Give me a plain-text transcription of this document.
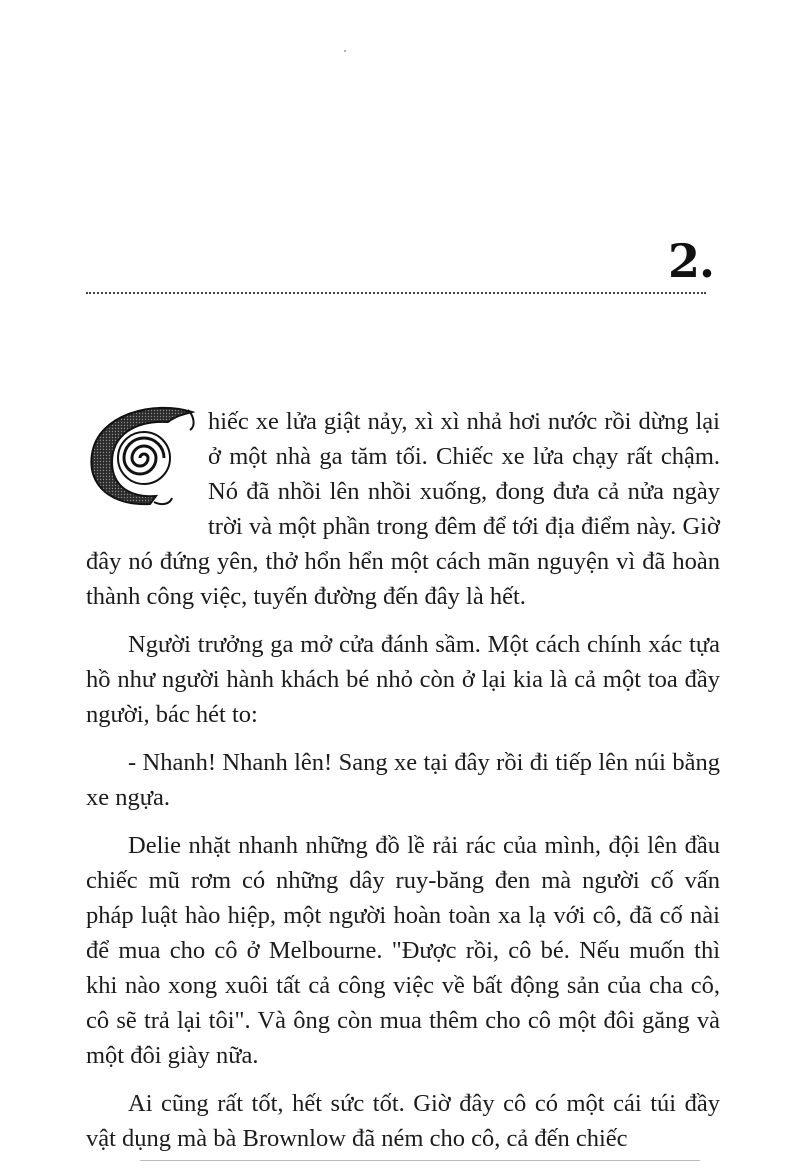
2.

hiếc xe lửa giật nảy, xì xì nhả hơi nước rồi dừng lại ở một nhà ga tăm tối. Chiếc xe lửa chạy rất chậm. Nó đã nhồi lên nhồi xuống, đong đưa cả nửa ngày trời và một phần trong đêm để tới địa điểm này. Giờ đây nó đứng yên, thở hổn hển một cách mãn nguyện vì đã hoàn thành công việc, tuyến đường đến đây là hết.

Người trưởng ga mở cửa đánh sầm. Một cách chính xác tựa hồ như người hành khách bé nhỏ còn ở lại kia là cả một toa đầy người, bác hét to:

- Nhanh! Nhanh lên! Sang xe tại đây rồi đi tiếp lên núi bằng xe ngựa.

Delie nhặt nhanh những đồ lề rải rác của mình, đội lên đầu chiếc mũ rơm có những dây ruy-băng đen mà người cố vấn pháp luật hào hiệp, một người hoàn toàn xa lạ với cô, đã cố nài để mua cho cô ở Melbourne. "Được rồi, cô bé. Nếu muốn thì khi nào xong xuôi tất cả công việc về bất động sản của cha cô, cô sẽ trả lại tôi". Và ông còn mua thêm cho cô một đôi găng và một đôi giày nữa.

Ai cũng rất tốt, hết sức tốt. Giờ đây cô có một cái túi đầy vật dụng mà bà Brownlow đã ném cho cô, cả đến chiếc
